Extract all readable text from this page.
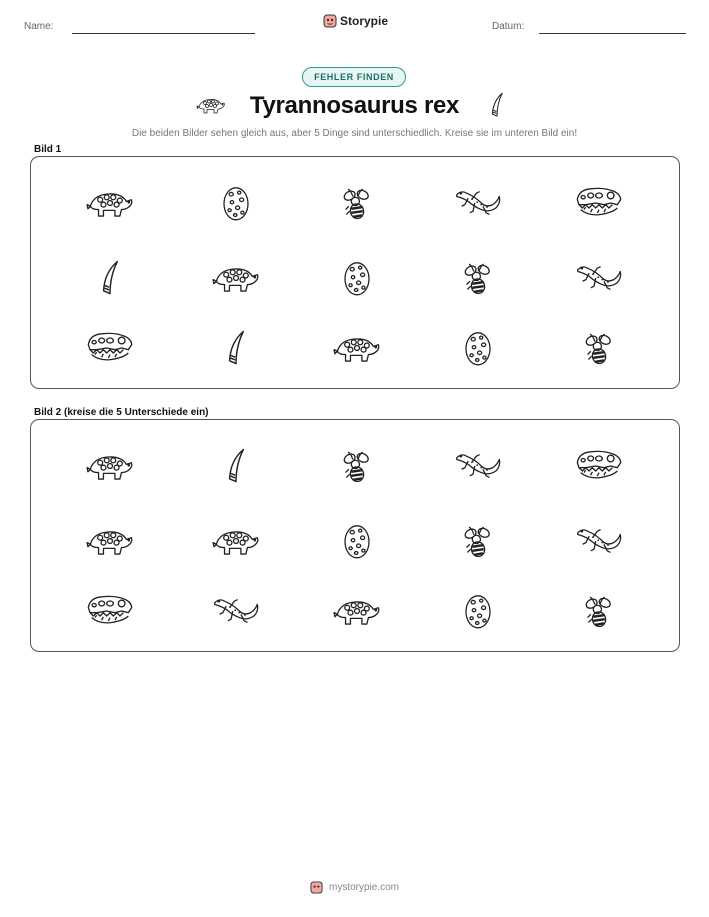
Name:	Storypie	Datum:
FEHLER FINDEN
Tyrannosaurus rex
Die beiden Bilder sehen gleich aus, aber 5 Dinge sind unterschiedlich. Kreise sie im unteren Bild ein!
Bild 1
Bild 2 (kreise die 5 Unterschiede ein)
mystorypie.com
